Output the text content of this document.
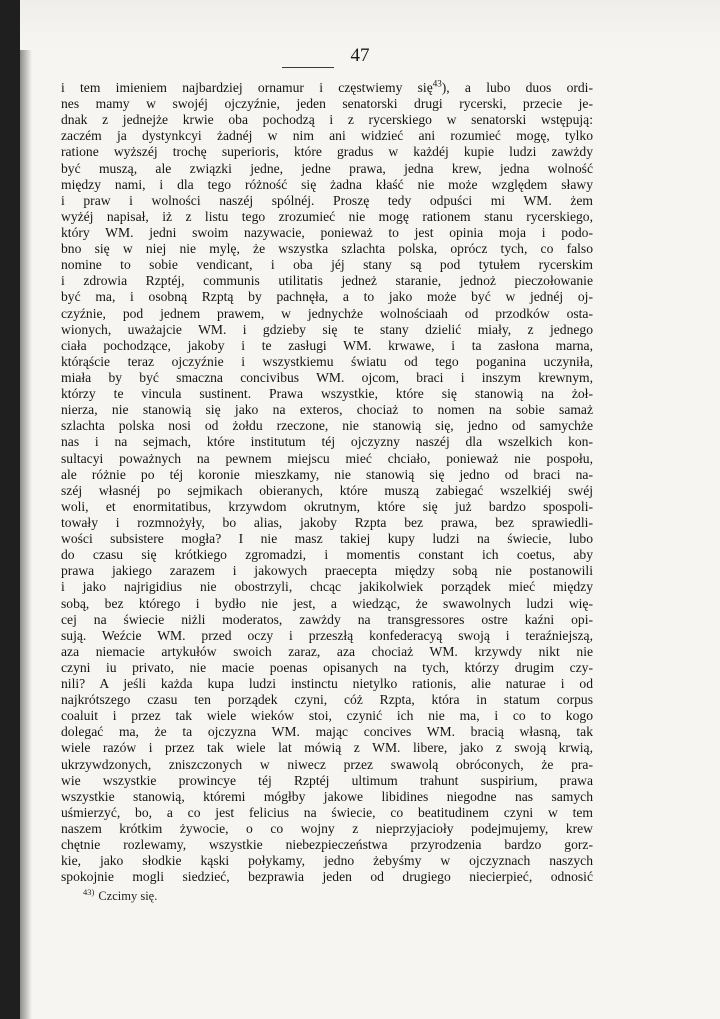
47
i tem imieniem najbardziej ornamur i częstwiemy się$^{43}$), a lubo duos ordi-
nes mamy w swojéj ojczyźnie, jeden senatorski drugi rycerski, przecie je-
dnak z jednejże krwie oba pochodzą i z rycerskiego w senatorski wstępują:
zaczém ja dystynkcyi żadnéj w nim ani widzieć ani rozumieć mogę, tylko
ratione wyższéj trochę superioris, które gradus w każdéj kupie ludzi zawżdy
być muszą, ale związki jedne, jedne prawa, jedna krew, jedna wolność
między nami, i dla tego różność się żadna kłaść nie może względem sławy
i praw i wolności naszéj spólnéj. Proszę tedy odpuści mi WM. żem
wyżéj napisał, iż z listu tego zrozumieć nie mogę rationem stanu rycerskiego,
który WM. jedni swoim nazywacie, ponieważ to jest opinia moja i podo-
bno się w niej nie mylę, że wszystka szlachta polska, oprócz tych, co falso
nomine to sobie vendicant, i oba jéj stany są pod tytułem rycerskim
i zdrowia Rzptéj, communis utilitatis jedneż staranie, jednoż pieczołowanie
być ma, i osobną Rzptą by pachnęła, a to jako może być w jednéj oj-
czyźnie, pod jednem prawem, w jednychże wolnościaah od przodków osta-
wionych, uważajcie WM. i gdzieby się te stany dzielić miały, z jednego
ciała pochodzące, jakoby i te zasługi WM. krwawe, i ta zasłona marna,
którąście teraz ojczyźnie i wszystkiemu światu od tego poganina uczyniła,
miała by być smaczna concivibus WM. ojcom, braci i inszym krewnym,
którzy te vincula sustinent. Prawa wszystkie, które się stanowią na żoł-
nierza, nie stanowią się jako na exteros, chociaż to nomen na sobie samaż
szlachta polska nosi od żołdu rzeczone, nie stanowią się, jedno od samychże
nas i na sejmach, które institutum téj ojczyzny naszéj dla wszelkich kon-
sultacyi poważnych na pewnem miejscu mieć chciało, ponieważ nie pospołu,
ale różnie po téj koronie mieszkamy, nie stanowią się jedno od braci na-
széj własnéj po sejmikach obieranych, które muszą zabiegać wszelkiéj swéj
woli, et enormitatibus, krzywdom okrutnym, które się już bardzo spospoli-
towały i rozmnożyły, bo alias, jakoby Rzpta bez prawa, bez sprawiedli-
wości subsistere mogła? I nie masz takiej kupy ludzi na świecie, lubo
do czasu się krótkiego zgromadzi, i momentis constant ich coetus, aby
prawa jakiego zarazem i jakowych praecepta między sobą nie postanowili
i jako najrigidius nie obostrzyli, chcąc jakikolwiek porządek mieć między
sobą, bez którego i bydło nie jest, a wiedząc, że swawolnych ludzi wię-
cej na świecie niżli moderatos, zawżdy na transgressores ostre kaźni opi-
sują. Weźcie WM. przed oczy i przeszłą konfederacyą swoją i teraźniejszą,
aza niemacie artykułów swoich zaraz, aza chociaż WM. krzywdy nikt nie
czyni iu privato, nie macie poenas opisanych na tych, którzy drugim czy-
nili? A jeśli każda kupa ludzi instinctu nietylko rationis, alie naturae i od
najkrótszego czasu ten porządek czyni, cóż Rzpta, która in statum corpus
coaluit i przez tak wiele wieków stoi, czynić ich nie ma, i co to kogo
dolegać ma, że ta ojczyzna WM. mając concives WM. bracią własną, tak
wiele razów i przez tak wiele lat mówią z WM. libere, jako z swoją krwią,
ukrzywdzonych, zniszczonych w niwecz przez swawolą obróconych, że pra-
wie wszystkie prowincye téj Rzptéj ultimum trahunt suspirium, prawa
wszystkie stanowią, któremi mógłby jakowe libidines niegodne nas samych
uśmierzyć, bo, a co jest felicius na świecie, co beatitudinem czyni w tem
naszem krótkim żywocie, o co wojny z nieprzyjacioły podejmujemy, krew
chętnie rozlewamy, wszystkie niebezpieczeństwa przyrodzenia bardzo gorz-
kie, jako słodkie kąski połykamy, jedno żebyśmy w ojczyznach naszych
spokojnie mogli siedzieć, bezprawia jeden od drugiego niecierpieć, odnosić
$^{43)}$ Czcimy się.
